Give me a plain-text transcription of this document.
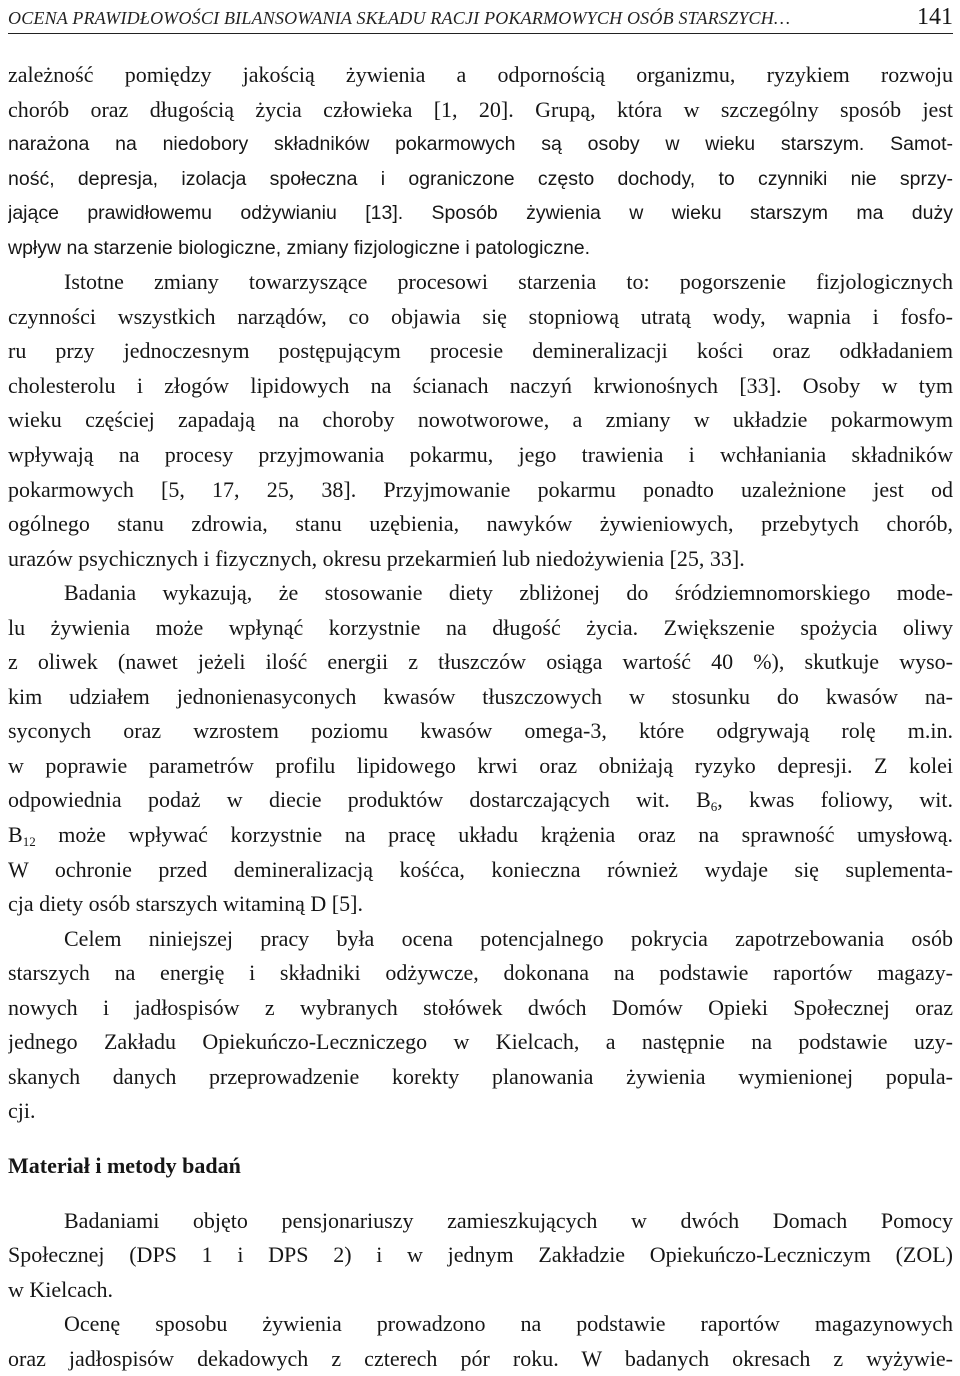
OCENA PRAWIDŁOWOŚCI BILANSOWANIA SKŁADU RACJI POKARMOWYCH OSÓB STARSZYCH…	141
zależność pomiędzy jakością żywienia a odpornością organizmu, ryzykiem rozwoju
chorób oraz długością życia człowieka [1, 20]. Grupą, która w szczególny sposób jest
narażona na niedobory składników pokarmowych są osoby w wieku starszym. Samot-
ność, depresja, izolacja społeczna i ograniczone często dochody, to czynniki nie sprzy-
jające prawidłowemu odżywianiu [13]. Sposób żywienia w wieku starszym ma duży
wpływ na starzenie biologiczne, zmiany fizjologiczne i patologiczne.
Istotne zmiany towarzyszące procesowi starzenia to: pogorszenie fizjologicznych
czynności wszystkich narządów, co objawia się stopniową utratą wody, wapnia i fosfo-
ru przy jednoczesnym postępującym procesie demineralizacji kości oraz odkładaniem
cholesterolu i złogów lipidowych na ścianach naczyń krwionośnych [33]. Osoby w tym
wieku częściej zapadają na choroby nowotworowe, a zmiany w układzie pokarmowym
wpływają na procesy przyjmowania pokarmu, jego trawienia i wchłaniania składników
pokarmowych [5, 17, 25, 38]. Przyjmowanie pokarmu ponadto uzależnione jest od
ogólnego stanu zdrowia, stanu uzębienia, nawyków żywieniowych, przebytych chorób,
urazów psychicznych i fizycznych, okresu przekarmień lub niedożywienia [25, 33].
Badania wykazują, że stosowanie diety zbliżonej do śródziemnomorskiego mode-
lu żywienia może wpłynąć korzystnie na długość życia. Zwiększenie spożycia oliwy
z oliwek (nawet jeżeli ilość energii z tłuszczów osiąga wartość 40 %), skutkuje wyso-
kim udziałem jednonienasyconych kwasów tłuszczowych w stosunku do kwasów na-
syconych oraz wzrostem poziomu kwasów omega-3, które odgrywają rolę m.in.
w poprawie parametrów profilu lipidowego krwi oraz obniżają ryzyko depresji. Z kolei
odpowiednia podaż w diecie produktów dostarczających wit. $B_6$, kwas foliowy, wit.
$B_{12}$ może wpływać korzystnie na pracę układu krążenia oraz na sprawność umysłową.
W ochronie przed demineralizacją kośćca, konieczna również wydaje się suplementa-
cja diety osób starszych witaminą D [5].
Celem niniejszej pracy była ocena potencjalnego pokrycia zapotrzebowania osób
starszych na energię i składniki odżywcze, dokonana na podstawie raportów magazy-
nowych i jadłospisów z wybranych stołówek dwóch Domów Opieki Społecznej oraz
jednego Zakładu Opiekuńczo-Leczniczego w Kielcach, a następnie na podstawie uzy-
skanych danych przeprowadzenie korekty planowania żywienia wymienionej popula-
cji.
Materiał i metody badań
Badaniami objęto pensjonariuszy zamieszkujących w dwóch Domach Pomocy
Społecznej (DPS 1 i DPS 2) i w jednym Zakładzie Opiekuńczo-Leczniczym (ZOL)
w Kielcach.
Ocenę sposobu żywienia prowadzono na podstawie raportów magazynowych
oraz jadłospisów dekadowych z czterech pór roku. W badanych okresach z wyżywie-
